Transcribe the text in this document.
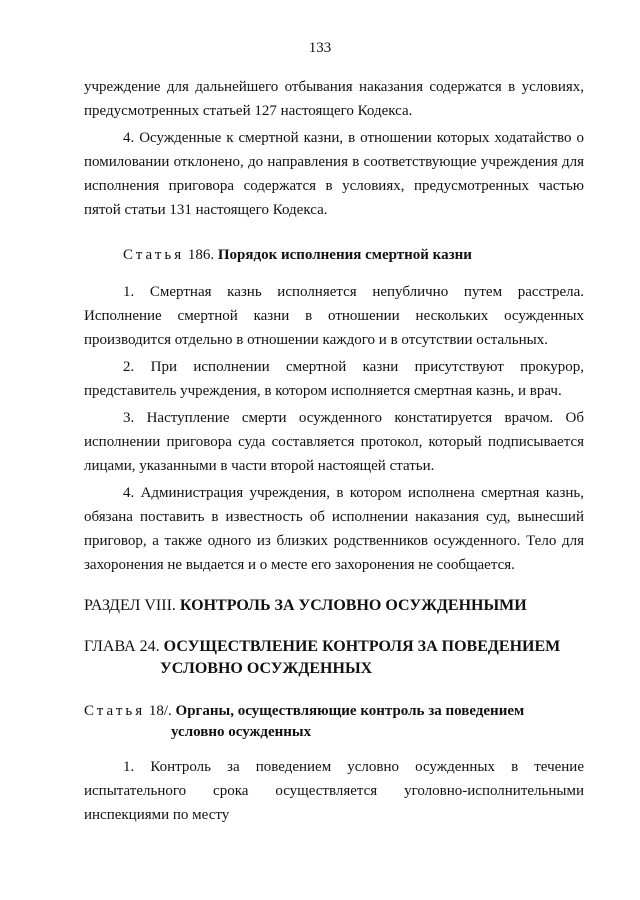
133

учреждение для дальнейшего отбывания наказания содержатся в условиях, предусмотренных статьей 127 настоящего Кодекса.

4. Осужденные к смертной казни, в отношении которых ходатайство о помиловании отклонено, до направления в соответствующие учреждения для исполнения приговора содержатся в условиях, предусмотренных частью пятой статьи 131 настоящего Кодекса.

Статья 186. Порядок исполнения смертной казни

1. Смертная казнь исполняется непублично путем расстрела. Исполнение смертной казни в отношении нескольких осужденных производится отдельно в отношении каждого и в отсутствии остальных.

2. При исполнении смертной казни присутствуют прокурор, представитель учреждения, в котором исполняется смертная казнь, и врач.

3. Наступление смерти осужденного констатируется врачом. Об исполнении приговора суда составляется протокол, который подписывается лицами, указанными в части второй настоящей статьи.

4. Администрация учреждения, в котором исполнена смертная казнь, обязана поставить в известность об исполнении наказания суд, вынесший приговор, а также одного из близких родственников осужденного. Тело для захоронения не выдается и о месте его захоронения не сообщается.

РАЗДЕЛ VIII. КОНТРОЛЬ ЗА УСЛОВНО ОСУЖДЕННЫМИ

ГЛАВА 24. ОСУЩЕСТВЛЕНИЕ КОНТРОЛЯ ЗА ПОВЕДЕНИЕМ
УСЛОВНО ОСУЖДЕННЫХ

Статья 18/. Органы, осуществляющие контроль за поведением
условно осужденных

1. Контроль за поведением условно осужденных в течение испытательного срока осуществляется уголовно-исполнительными инспекциями по месту
